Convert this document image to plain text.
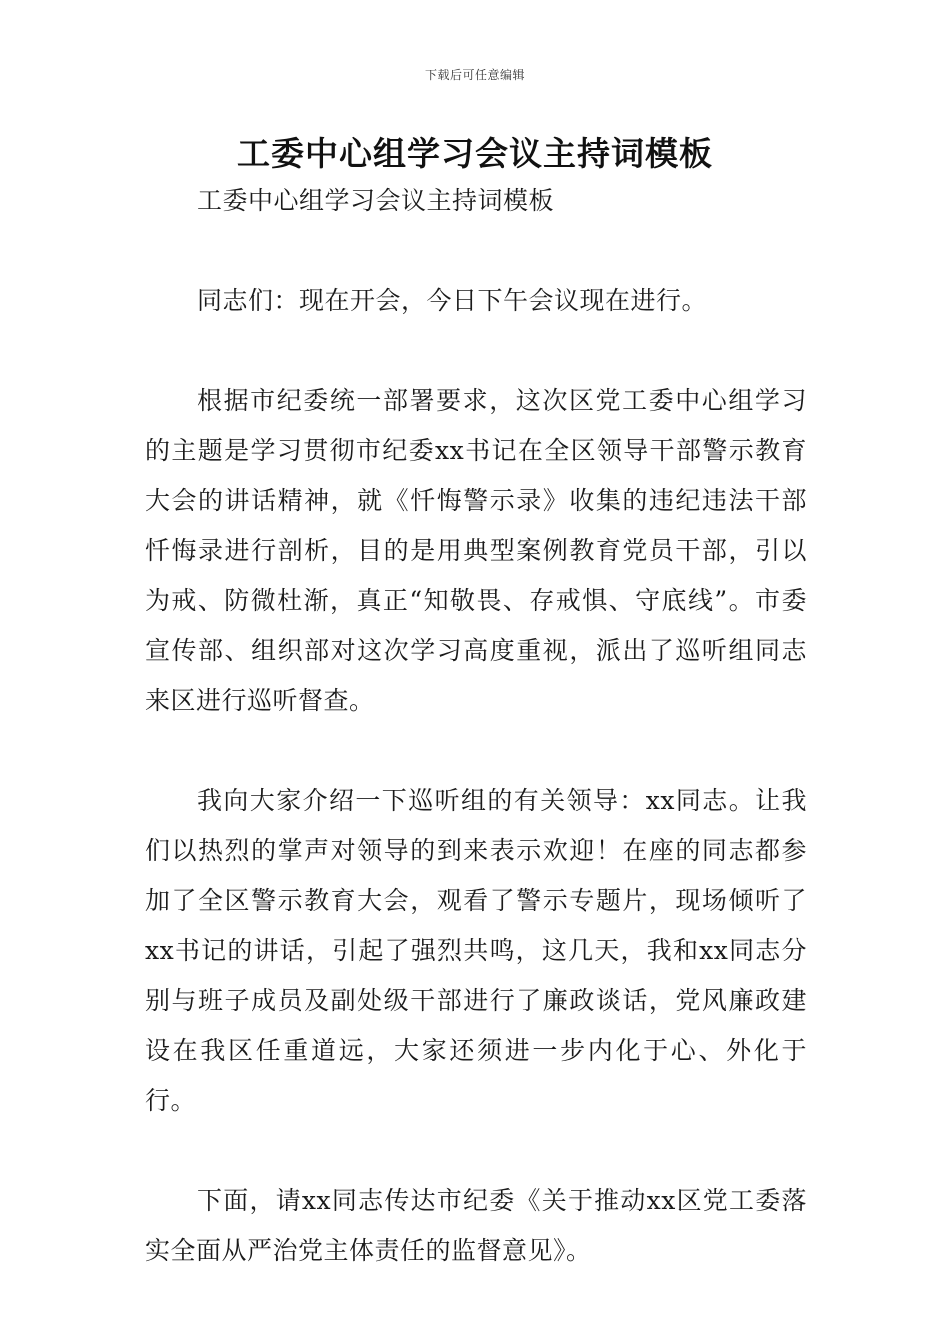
下载后可任意编辑
工委中心组学习会议主持词模板

工委中心组学习会议主持词模板

同志们：现在开会，今日下午会议现在进行。

根据市纪委统一部署要求，这次区党工委中心组学习的主题是学习贯彻市纪委xx书记在全区领导干部警示教育大会的讲话精神，就《忏悔警示录》收集的违纪违法干部忏悔录进行剖析，目的是用典型案例教育党员干部，引以为戒、防微杜渐，真正“知敬畏、存戒惧、守底线”。市委宣传部、组织部对这次学习高度重视，派出了巡听组同志来区进行巡听督查。

我向大家介绍一下巡听组的有关领导：xx同志。让我们以热烈的掌声对领导的到来表示欢迎！在座的同志都参加了全区警示教育大会，观看了警示专题片，现场倾听了xx书记的讲话，引起了强烈共鸣，这几天，我和xx同志分别与班子成员及副处级干部进行了廉政谈话，党风廉政建设在我区任重道远，大家还须进一步内化于心、外化于行。

下面，请xx同志传达市纪委《关于推动xx区党工委落实全面从严治党主体责任的监督意见》。
